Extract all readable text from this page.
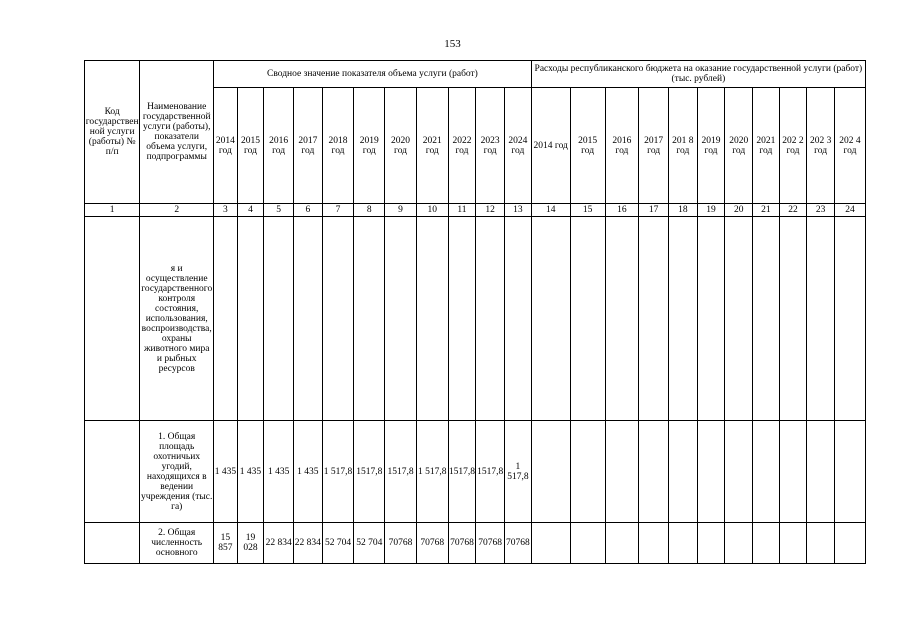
153
Код государственной услуги (работы) № п/п	Наименование государственной услуги (работы), показатели объема услуги, подпрограммы	Сводное значение показателя объема услуги (работ)											Расходы республиканского бюджета на оказание государственной услуги (работ) (тыс. рублей)										
		2014 год	2015 год	2016 год	2017 год	2018 год	2019 год	2020 год	2021 год	2022 год	2023 год	2024 год	2014 год	2015 год	2016 год	2017 год	201 8 год	2019 год	2020 год	2021 год	202 2 год	202 3 год	202 4 год
1	2	3	4	5	6	7	8	9	10	11	12	13	14	15	16	17	18	19	20	21	22	23	24
	я и осуществление государственного контроля состояния, использования, воспроизводства, охраны животного мира и рыбных ресурсов																						
	1. Общая площадь охотничьих угодий, находящихся в ведении учреждения (тыс. га)	1 435	1 435	1 435	1 435	1 517,8	1517,8	1517,8	1 517,8	1517,8	1517,8	1 517,8											
	2. Общая численность основного	15 857	19 028	22 834	22 834	52 704	52 704	70768	70768	70768	70768	70768											
